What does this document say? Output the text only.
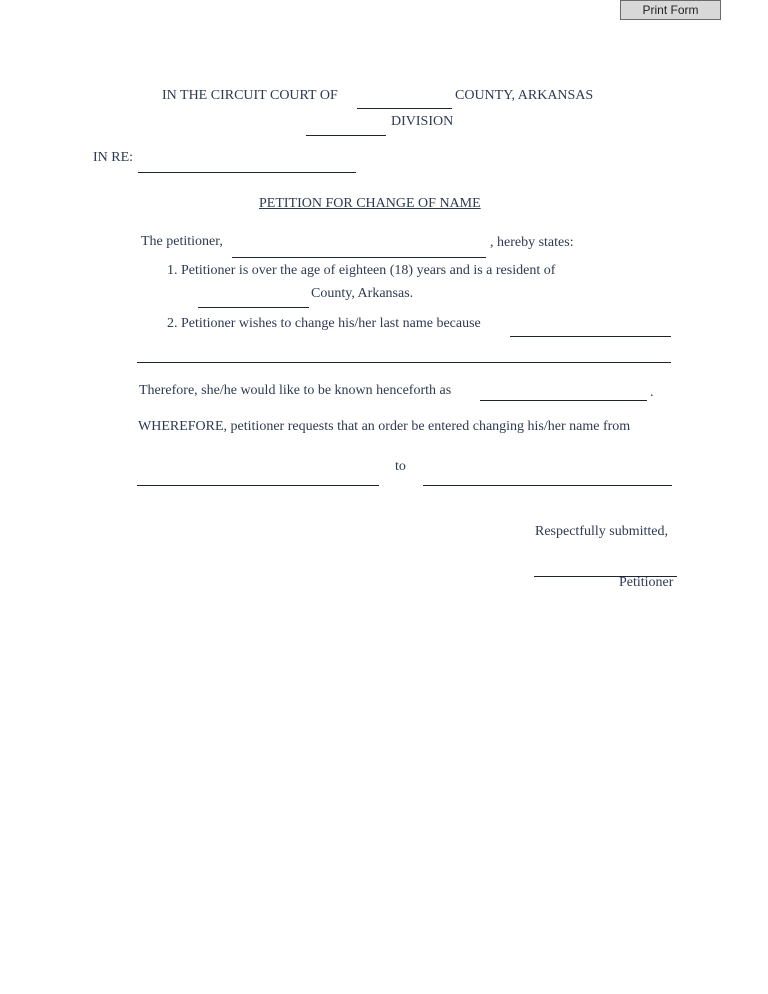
Print Form
IN THE CIRCUIT COURT OF	COUNTY, ARKANSAS
DIVISION
IN RE:
PETITION FOR CHANGE OF NAME
The petitioner,	, hereby states:
1. Petitioner is over the age of eighteen (18) years and is a resident of
County, Arkansas.
2. Petitioner wishes to change his/her last name because
Therefore, she/he would like to be known henceforth as	.
WHEREFORE, petitioner requests that an order be entered changing his/her name from
to
Respectfully submitted,
Petitioner
